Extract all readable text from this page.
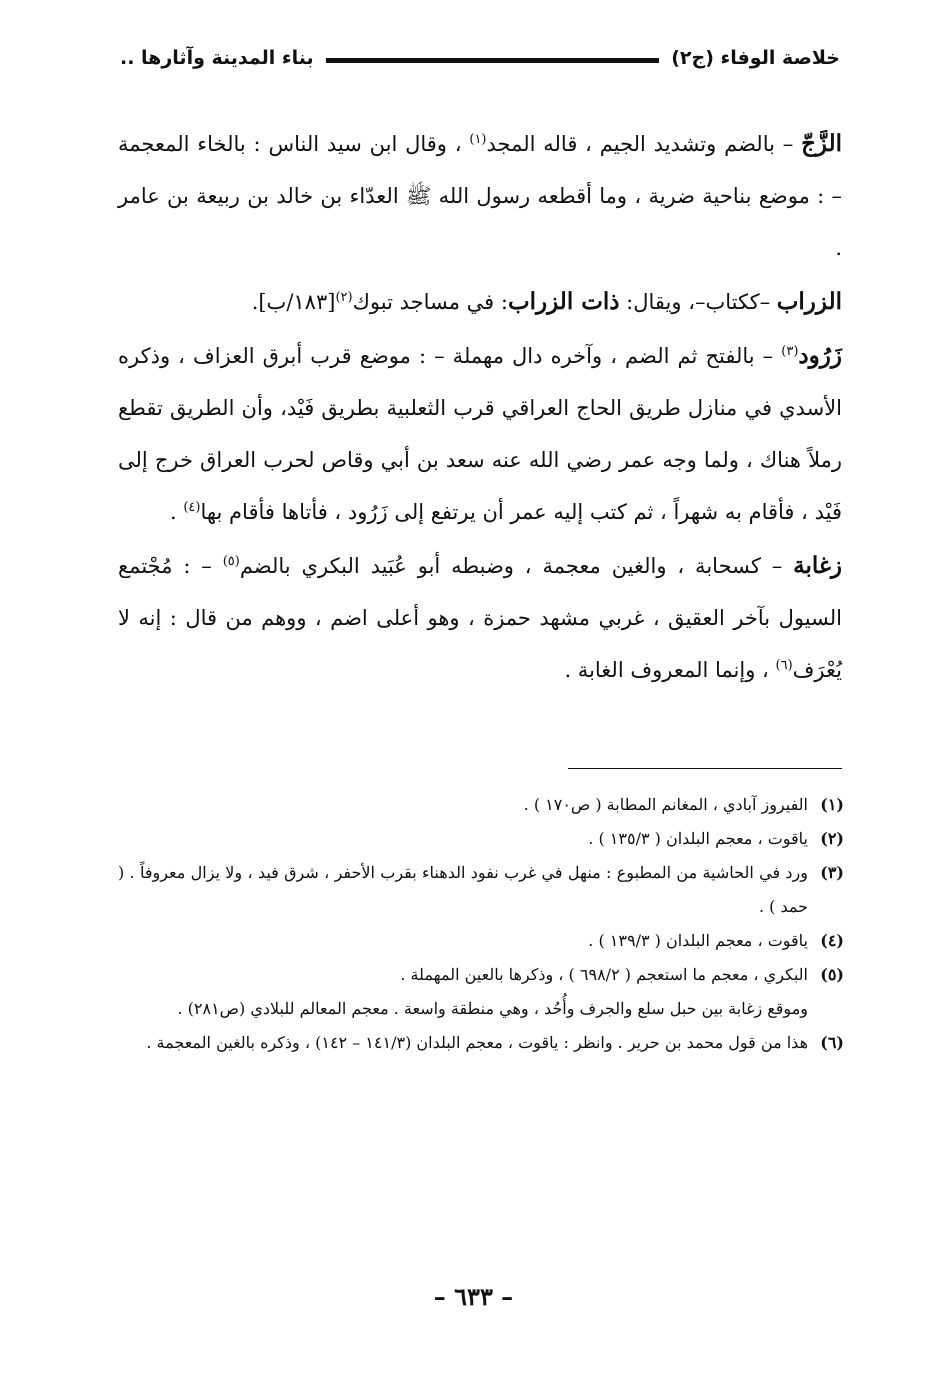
خلاصة الوفاء (ج٢)
بناء المدينة وآثارها ..

الزَّجّ – بالضم وتشديد الجيم ، قاله المجد$^{(١)}$ ، وقال ابن سيد الناس : بالخاء المعجمة – : موضع بناحية ضرية ، وما أقطعه رسول الله ﷺ العدّاء بن خالد بن ربيعة بن عامر .

الزراب –ككتاب–، ويقال: ذات الزراب: في مساجد تبوك$^{(٢)}$[١٨٣/ب].

زَرُود$^{(٣)}$ – بالفتح ثم الضم ، وآخره دال مهملة – : موضع قرب أبرق العزاف ، وذكره الأسدي في منازل طريق الحاج العراقي قرب الثعلبية بطريق فَيْد، وأن الطريق تقطع رملاً هناك ، ولما وجه عمر رضي الله عنه سعد بن أبي وقاص لحرب العراق خرج إلى فَيْد ، فأقام به شهراً ، ثم كتب إليه عمر أن يرتفع إلى زَرُود ، فأتاها فأقام بها$^{(٤)}$ .

زغابة – كسحابة ، والغين معجمة ، وضبطه أبو عُبَيد البكري بالضم$^{(٥)}$ – : مُجْتمع السيول بآخر العقيق ، غربي مشهد حمزة ، وهو أعلى اضم ، ووهم من قال : إنه لا يُعْرَف$^{(٦)}$ ، وإنما المعروف الغابة .

(١)
الفيروز آبادي ، المغانم المطابة ( ص١٧٠ ) .
(٢)
ياقوت ، معجم البلدان ( ١٣٥/٣ ) .
(٣)
ورد في الحاشية من المطبوع : منهل في غرب نفود الدهناء بقرب الأحفر ، شرق فيد ، ولا يزال معروفاً . ( حمد ) .
(٤)
ياقوت ، معجم البلدان ( ١٣٩/٣ ) .
(٥)
البكري ، معجم ما استعجم ( ٦٩٨/٢ ) ، وذكرها بالعين المهملة .
وموقع زغابة بين حبل سلع والجرف وأُحُد ، وهي منطقة واسعة . معجم المعالم للبلادي (ص٢٨١) .
(٦)
هذا من قول محمد بن حرير . وانظر : ياقوت ، معجم البلدان (١٤١/٣ – ١٤٢) ، وذكره بالغين المعجمة .
– ٦٣٣ –
